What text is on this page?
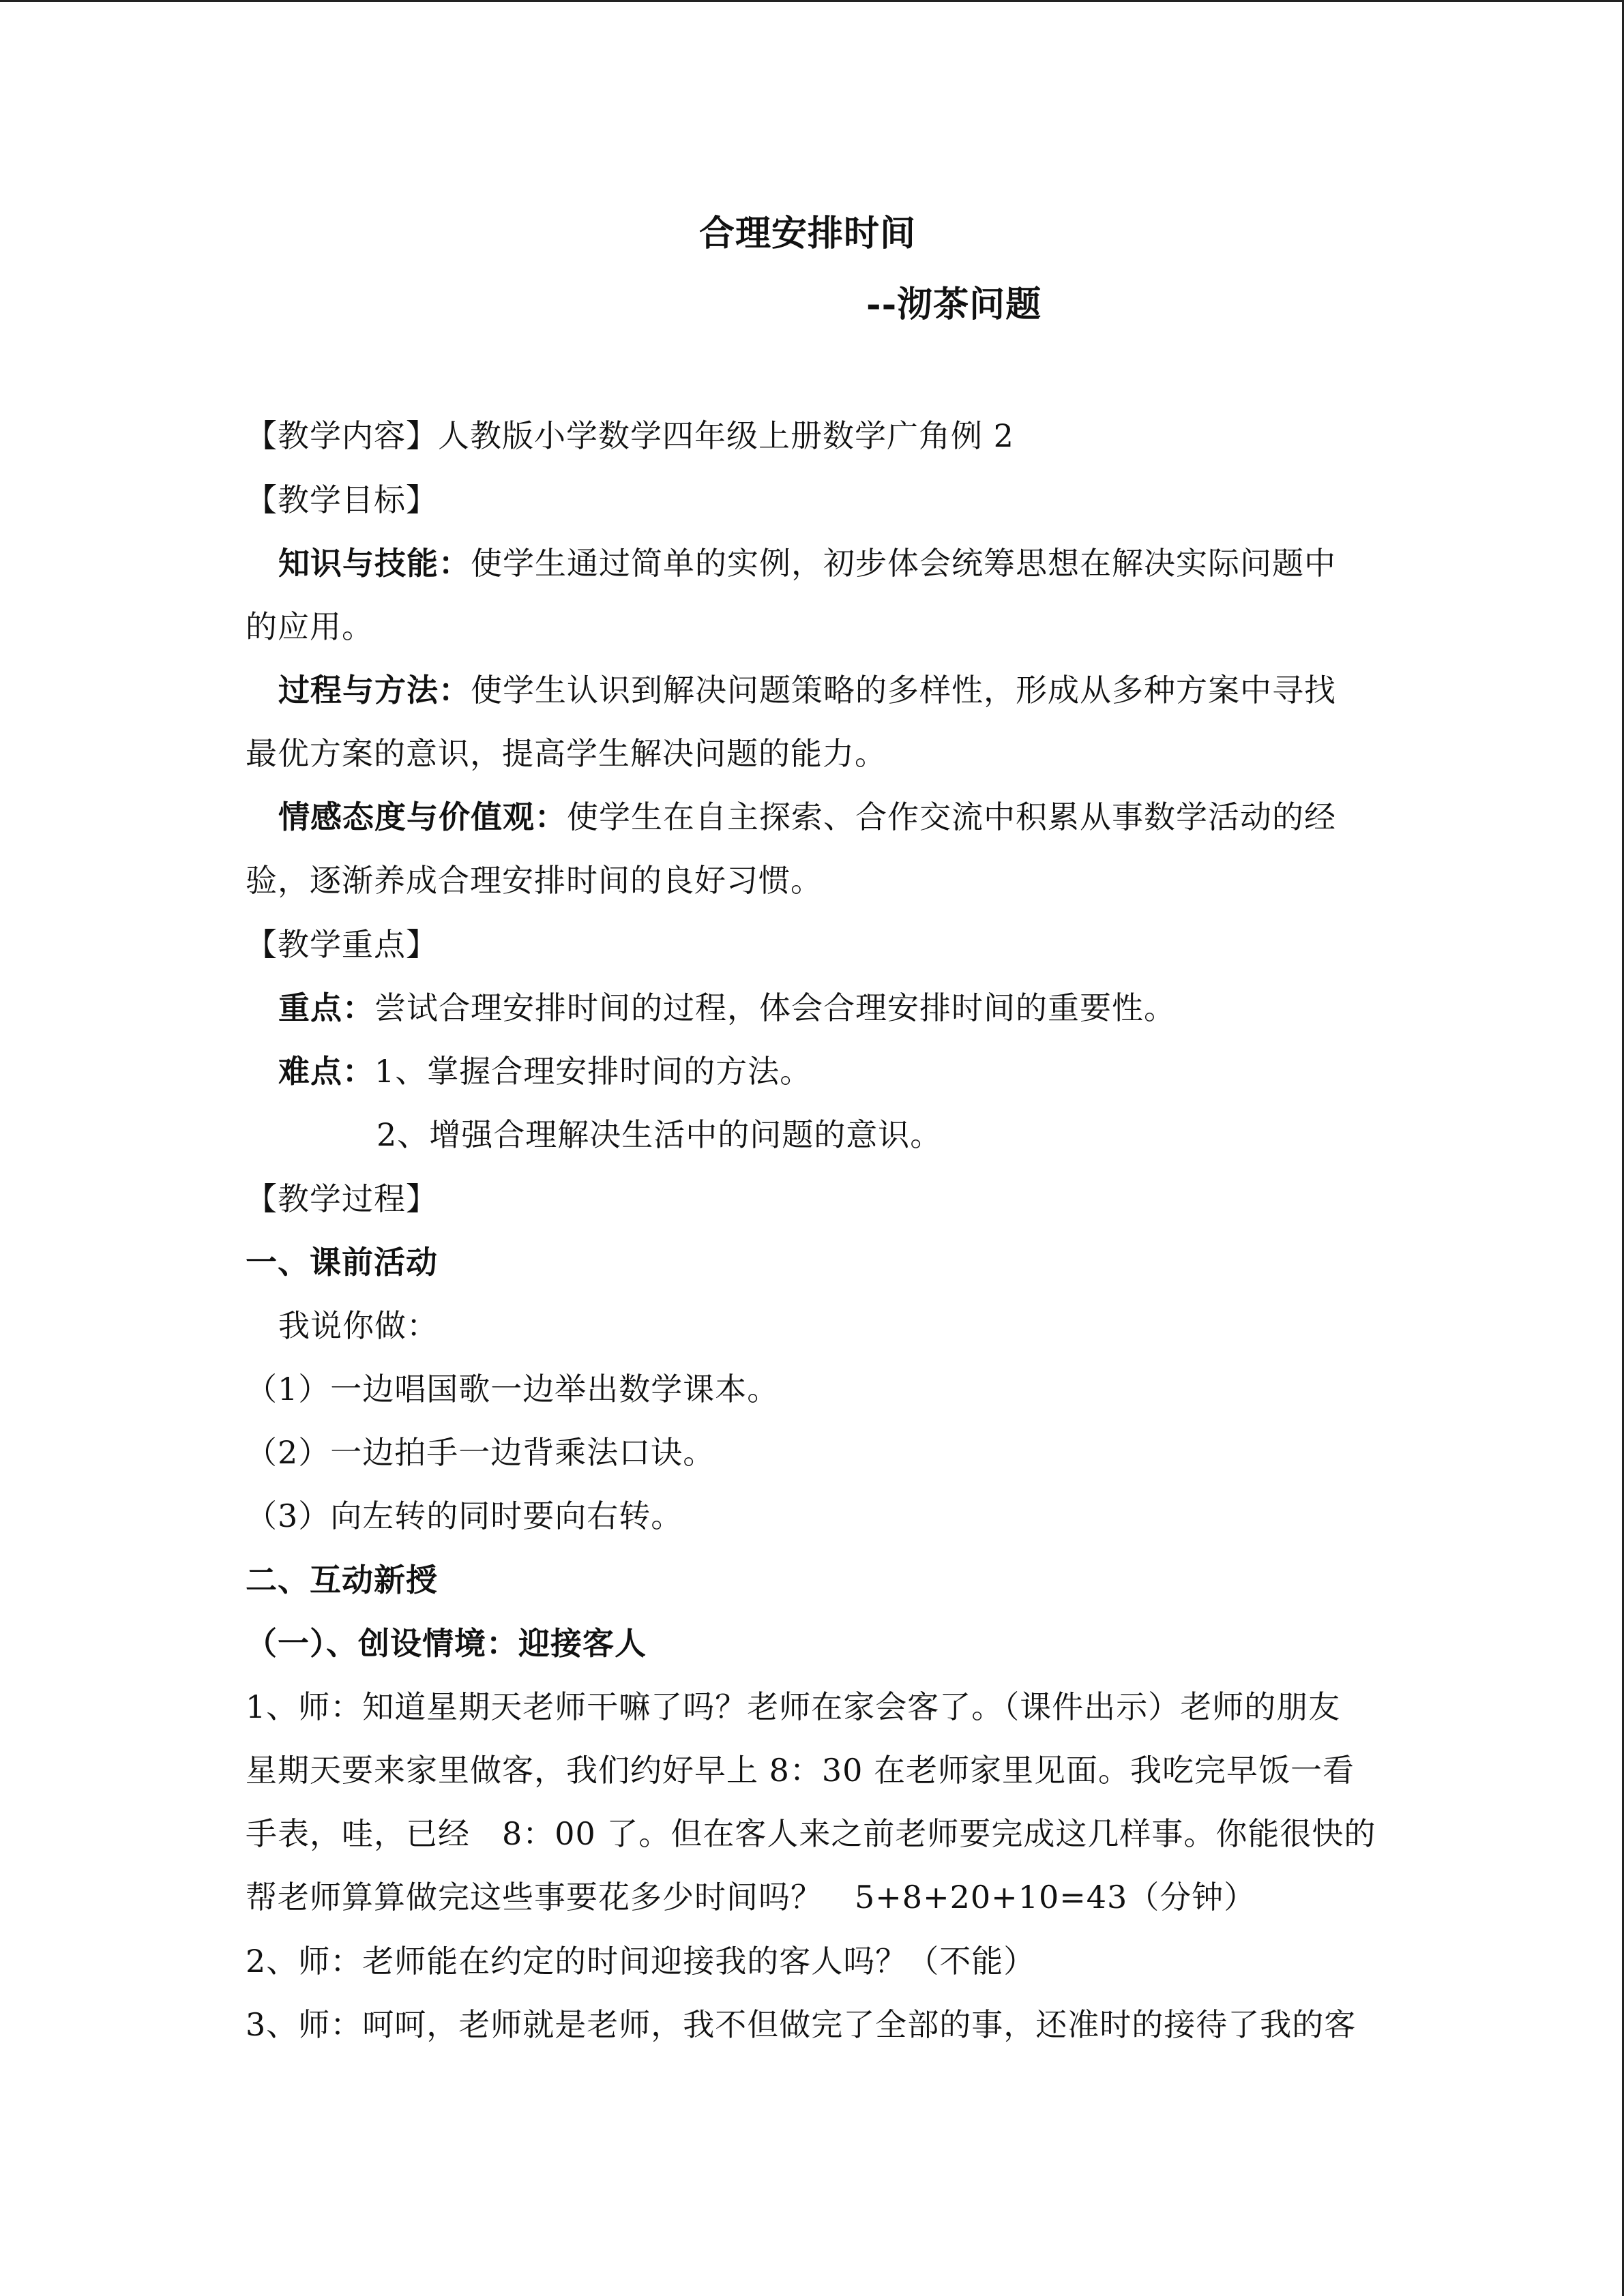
合理安排时间
--沏茶问题
【教学内容】人教版小学数学四年级上册数学广角例 2
【教学目标】
知识与技能：使学生通过简单的实例，初步体会统筹思想在解决实际问题中
的应用。
过程与方法：使学生认识到解决问题策略的多样性，形成从多种方案中寻找
最优方案的意识，提高学生解决问题的能力。
情感态度与价值观：使学生在自主探索、合作交流中积累从事数学活动的经
验，逐渐养成合理安排时间的良好习惯。
【教学重点】
重点：尝试合理安排时间的过程，体会合理安排时间的重要性。
难点：1、掌握合理安排时间的方法。
2、增强合理解决生活中的问题的意识。
【教学过程】
一、课前活动
我说你做：
（1）一边唱国歌一边举出数学课本。
（2）一边拍手一边背乘法口诀。
（3）向左转的同时要向右转。
二、互动新授
（一）、创设情境：迎接客人
1、师：知道星期天老师干嘛了吗？老师在家会客了。（课件出示）老师的朋友
星期天要来家里做客，我们约好早上 8：30 在老师家里见面。我吃完早饭一看
手表，哇，已经　8：00 了。但在客人来之前老师要完成这几样事。你能很快的
帮老师算算做完这些事要花多少时间吗？　5+8+20+10=43（分钟）
2、师：老师能在约定的时间迎接我的客人吗？（不能）
3、师：呵呵，老师就是老师，我不但做完了全部的事，还准时的接待了我的客
